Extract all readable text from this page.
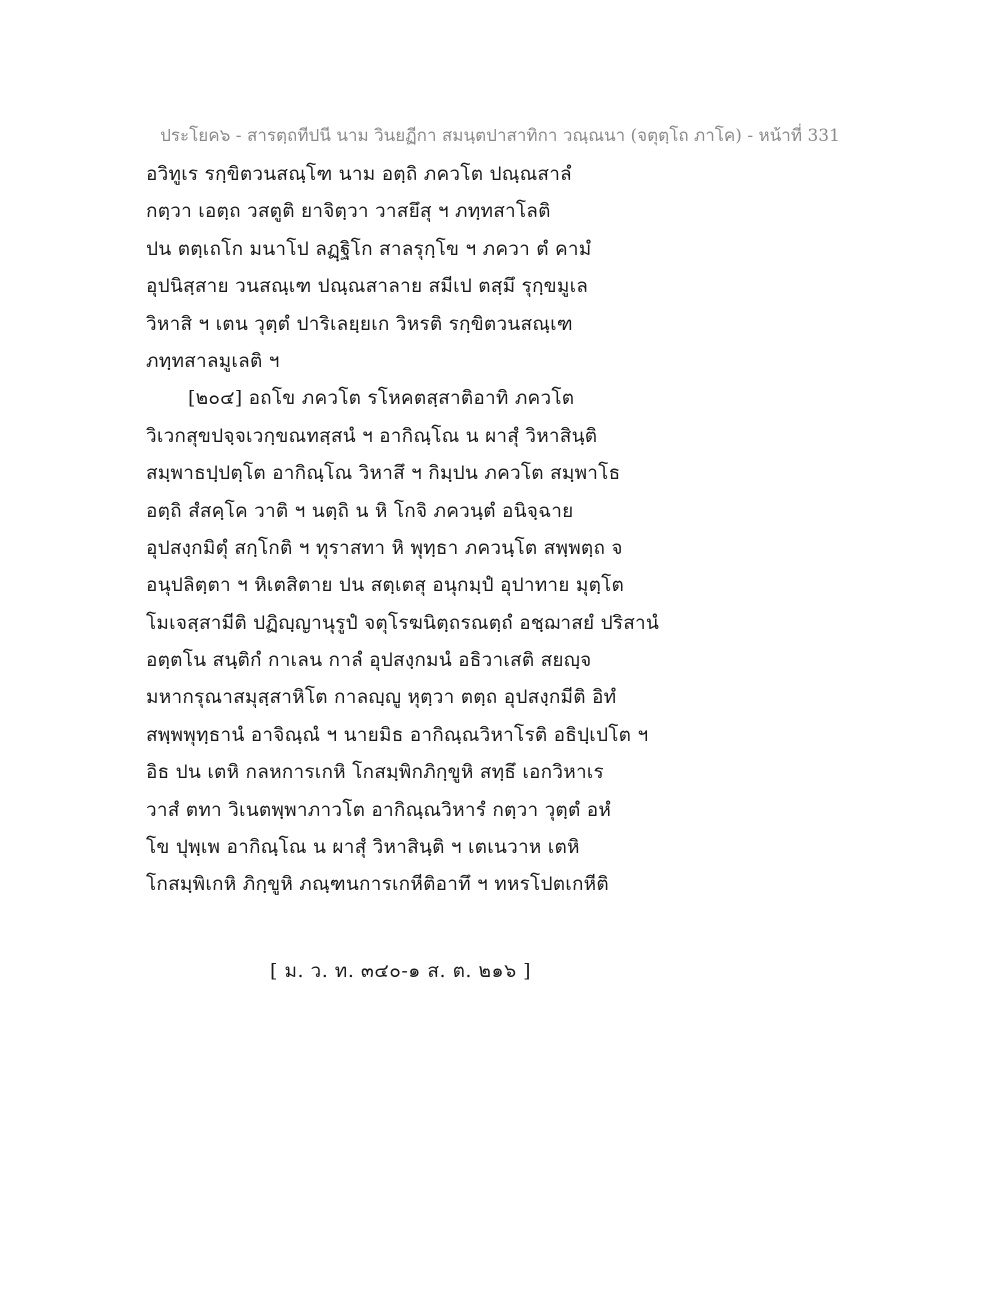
ประโยค๖ - สารตฺถทีปนี นาม วินยฏีกา สมนฺตปาสาทิกา วณฺณนา (จตุตฺโถ ภาโค) - หน้าที่ 331
อวิทูเร รกฺขิตวนสณฺโฑ นาม อตฺถิ ภควโต ปณฺณสาลํ
กตฺวา เอตฺถ วสตูติ ยาจิตฺวา วาสยึสุ ฯ ภทฺทสาโลติ
ปน ตตฺเถโก มนาโป ลฏฺฐิโก สาลรุกฺโข ฯ ภควา ตํ คามํ
อุปนิสฺสาย วนสณฺเฑ ปณฺณสาลาย สมีเป ตสฺมึ รุกฺขมูเล
วิหาสิ ฯ เตน วุตฺตํ ปาริเลยฺยเก วิหรติ รกฺขิตวนสณฺเฑ
ภทฺทสาลมูเลติ ฯ
[๒๐๔] อถโข ภควโต รโหคตสฺสาติอาทิ ภควโต
วิเวกสุขปจฺจเวกฺขณทสฺสนํ ฯ อากิณฺโณ น ผาสุํ วิหาสินฺติ
สมฺพาธปฺปตฺโต อากิณฺโณ วิหาสึ ฯ กิมฺปน ภควโต สมฺพาโธ
อตฺถิ สํสคฺโค วาติ ฯ นตฺถิ น หิ โกจิ ภควนฺตํ อนิจฺฉาย
อุปสงฺกมิตุํ สกฺโกติ ฯ ทุราสทา หิ พุทฺธา ภควนฺโต สพฺพตฺถ จ
อนุปลิตฺตา ฯ หิเตสิตาย ปน สตฺเตสุ อนุกมฺปํ อุปาทาย มุตฺโต
โมเจสฺสามีติ ปฏิญฺญานุรูปํ จตุโรฆนิตฺถรณตฺถํ อชฺฌาสยํ ปริสานํ
อตฺตโน สนฺติกํ กาเลน กาลํ อุปสงฺกมนํ อธิวาเสติ สยญฺจ
มหากรุณาสมุสฺสาหิโต กาลญฺญู หุตฺวา ตตฺถ อุปสงฺกมีติ อิทํ
สพฺพพุทฺธานํ อาจิณฺณํ ฯ นายมิธ อากิณฺณวิหาโรติ อธิปฺเปโต ฯ
อิธ ปน เตหิ กลหการเกหิ โกสมฺพิกภิกฺขูหิ สทฺธึ เอกวิหาเร
วาสํ ตทา วิเนตพฺพาภาวโต อากิณฺณวิหารํ กตฺวา วุตฺตํ อหํ
โข ปุพฺเพ อากิณฺโณ น ผาสุํ วิหาสินฺติ ฯ เตเนวาห เตหิ
โกสมฺพิเกหิ ภิกฺขูหิ ภณฺฑนการเกหีติอาทึ ฯ ทหรโปตเกหีติ
[ ม. ว. ท. ๓๔๐-๑ ส. ต. ๒๑๖ ]
